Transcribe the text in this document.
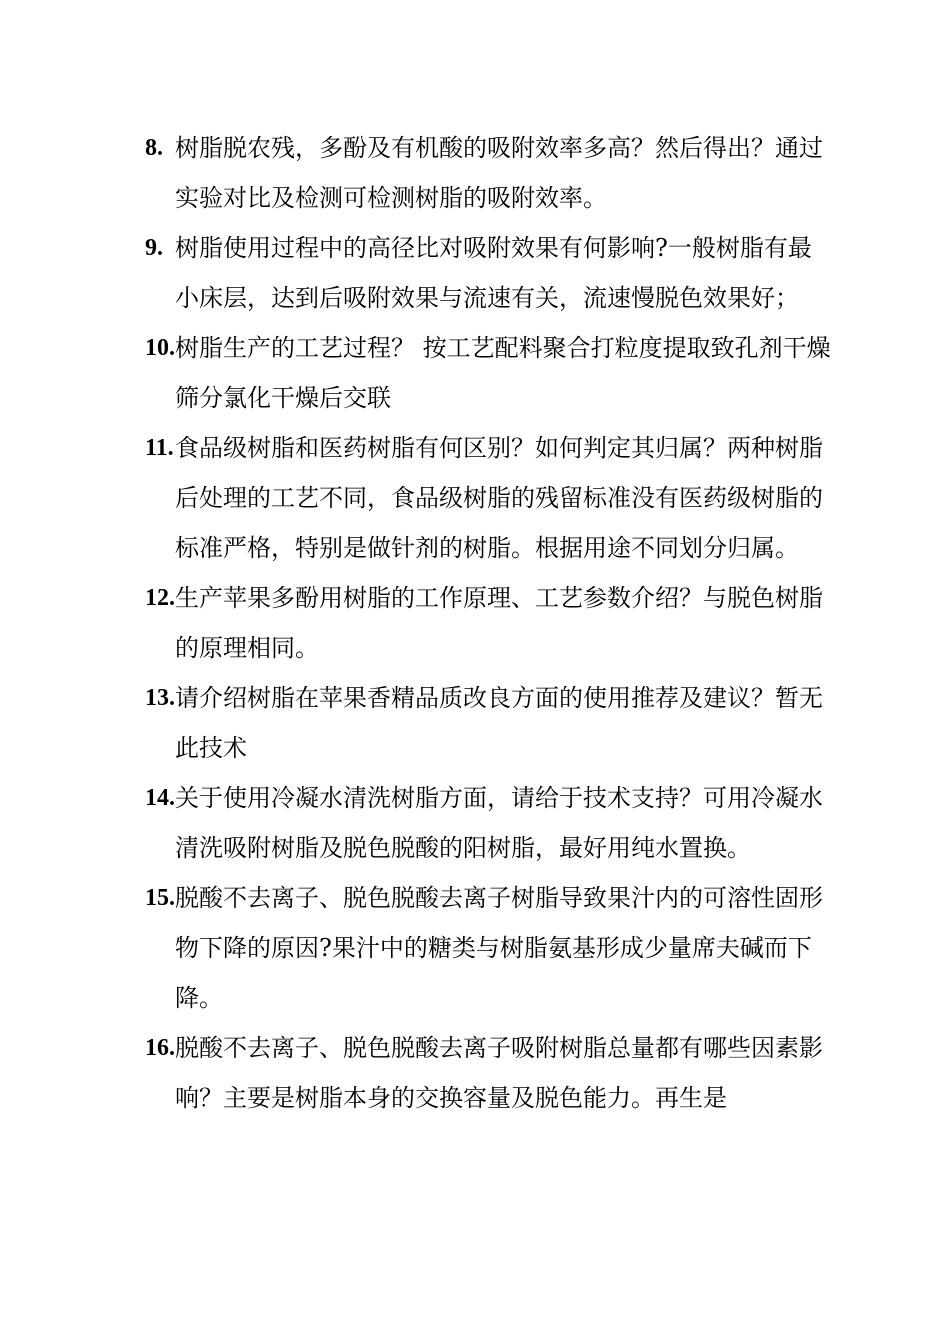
8. 树脂脱农残，多酚及有机酸的吸附效率多高？然后得出？通过实验对比及检测可检测树脂的吸附效率。
9. 树脂使用过程中的高径比对吸附效果有何影响?一般树脂有最小床层，达到后吸附效果与流速有关，流速慢脱色效果好；
10. 树脂生产的工艺过程？ 按工艺配料聚合打粒度提取致孔剂干燥筛分氯化干燥后交联
11. 食品级树脂和医药树脂有何区别？如何判定其归属？两种树脂后处理的工艺不同，食品级树脂的残留标准没有医药级树脂的标准严格，特别是做针剂的树脂。根据用途不同划分归属。
12. 生产苹果多酚用树脂的工作原理、工艺参数介绍？与脱色树脂的原理相同。
13. 请介绍树脂在苹果香精品质改良方面的使用推荐及建议？暂无此技术
14. 关于使用冷凝水清洗树脂方面，请给于技术支持？可用冷凝水清洗吸附树脂及脱色脱酸的阳树脂，最好用纯水置换。
15. 脱酸不去离子、脱色脱酸去离子树脂导致果汁内的可溶性固形物下降的原因?果汁中的糖类与树脂氨基形成少量席夫碱而下降。
16. 脱酸不去离子、脱色脱酸去离子吸附树脂总量都有哪些因素影响？主要是树脂本身的交换容量及脱色能力。再生是
